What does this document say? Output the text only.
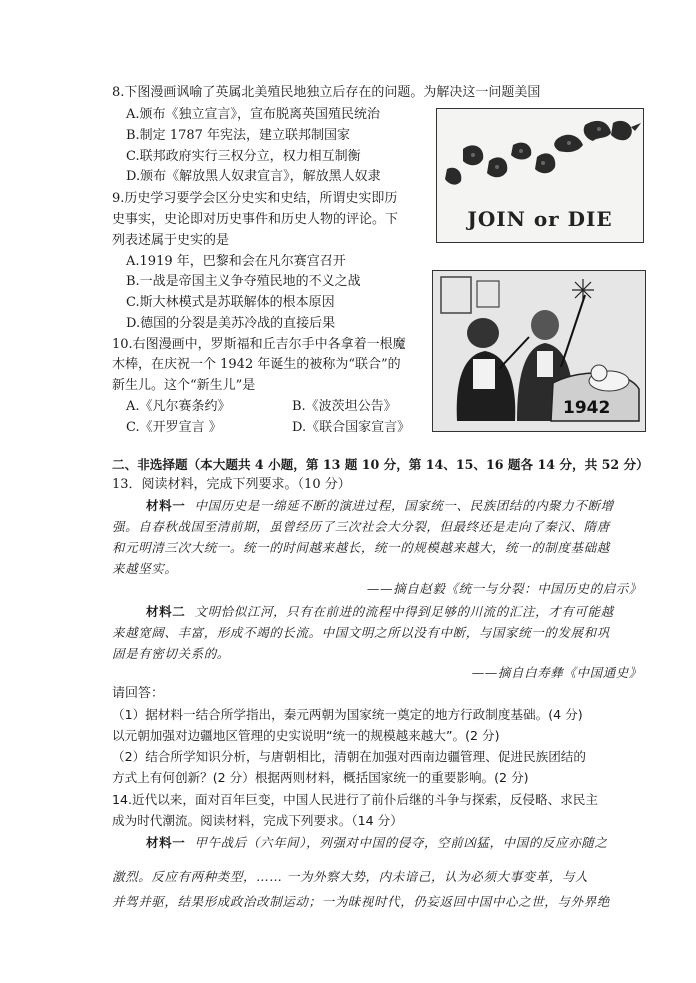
8.下图漫画讽喻了英属北美殖民地独立后存在的问题。为解决这一问题美国
A.颁布《独立宣言》，宣布脱离英国殖民统治
B.制定 1787 年宪法，建立联邦制国家
C.联邦政府实行三权分立，权力相互制衡
D.颁布《解放黑人奴隶宣言》，解放黑人奴隶
JOIN or DIE
9.历史学习要学会区分史实和史结，所谓史实即历
史事实，史论即对历史事件和历史人物的评论。下
列表述属于史实的是
A.1919 年，巴黎和会在凡尔赛宫召开
B.一战是帝国主义争夺殖民地的不义之战
C.斯大林模式是苏联解体的根本原因
D.德国的分裂是美苏冷战的直接后果
1942
10.右图漫画中，罗斯福和丘吉尔手中各拿着一根魔
木棒，在庆祝一个 1942 年诞生的被称为“联合”的
新生儿。这个“新生儿”是
A.《凡尔赛条约》	B.《波茨坦公告》
C.《开罗宣言 》	D.《联合国家宣言》
二、非选择题（本大题共 4 小题，第 13 题 10 分，第 14、15、16 题各 14 分，共 52 分）
13．阅读材料，完成下列要求。（10 分）
材料一 中国历史是一绵延不断的演进过程，国家统一、民族团结的内聚力不断增
强。自春秋战国至清前期，虽曾经历了三次社会大分裂，但最终还是走向了秦汉、隋唐
和元明清三次大统一。统一的时间越来越长，统一的规模越来越大，统一的制度基础越
来越坚实。
——摘自赵毅《统一与分裂：中国历史的启示》
材料二 文明恰似江河，只有在前进的流程中得到足够的川流的汇注，才有可能越
来越宽阔、丰富，形成不竭的长流。中国文明之所以没有中断，与国家统一的发展和巩
固是有密切关系的。
——摘自白寿彝《中国通史》
请回答：
（1）据材料一结合所学指出，秦元两朝为国家统一奠定的地方行政制度基础。(4 分)
以元朝加强对边疆地区管理的史实说明“统一的规模越来越大”。(2 分)
（2）结合所学知识分析，与唐朝相比，清朝在加强对西南边疆管理、促进民族团结的
方式上有何创新？(2 分）根据两则材料，概括国家统一的重要影响。(2 分)
14.近代以来，面对百年巨变，中国人民进行了前仆后继的斗争与探索，反侵略、求民主
成为时代潮流。阅读材料，完成下列要求。（14 分）
材料一 甲午战后（六年间），列强对中国的侵夺，空前凶猛，中国的反应亦随之
激烈。反应有两种类型，…… 一为外察大势，内未谙己，认为必须大事变革，与人
并驾并驱，结果形成政治改制运动；一为昧视时代，仍妄返回中国中心之世，与外界绝
